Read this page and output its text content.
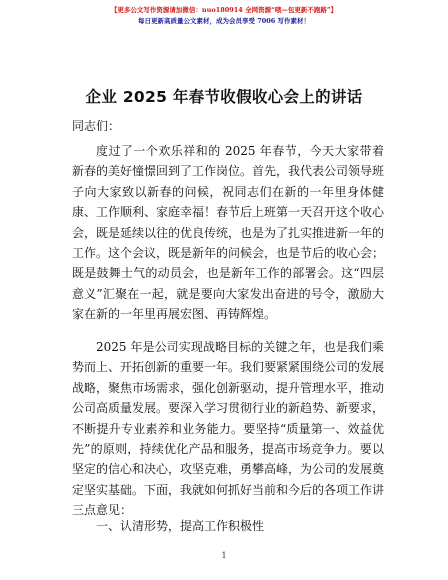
【更多公文写作资源请加微信：nuo180914 全网资源“哦—包更新不跑路”】
每日更新高质量公文素材，成为会员享受 7006 写作素材！
企业 2025 年春节收假收心会上的讲话
同志们：

度过了一个欢乐祥和的 2025 年春节，今天大家带着新春的美好憧憬回到了工作岗位。首先，我代表公司领导班子向大家致以新春的问候，祝同志们在新的一年里身体健康、工作顺利、家庭幸福！春节后上班第一天召开这个收心会，既是延续以往的优良传统，也是为了扎实推进新一年的工作。这个会议，既是新年的问候会，也是节后的收心会；既是鼓舞士气的动员会，也是新年工作的部署会。这“四层意义”汇聚在一起，就是要向大家发出奋进的号令，激励大家在新的一年里再展宏图、再铸辉煌。

2025 年是公司实现战略目标的关键之年，也是我们乘势而上、开拓创新的重要一年。我们要紧紧围绕公司的发展战略，聚焦市场需求，强化创新驱动，提升管理水平，推动公司高质量发展。要深入学习贯彻行业的新趋势、新要求，不断提升专业素养和业务能力。要坚持“质量第一、效益优先”的原则，持续优化产品和服务，提高市场竞争力。要以坚定的信心和决心，攻坚克难，勇攀高峰，为公司的发展奠定坚实基础。下面，我就如何抓好当前和今后的各项工作讲三点意见：

一、认清形势，提高工作积极性
1
